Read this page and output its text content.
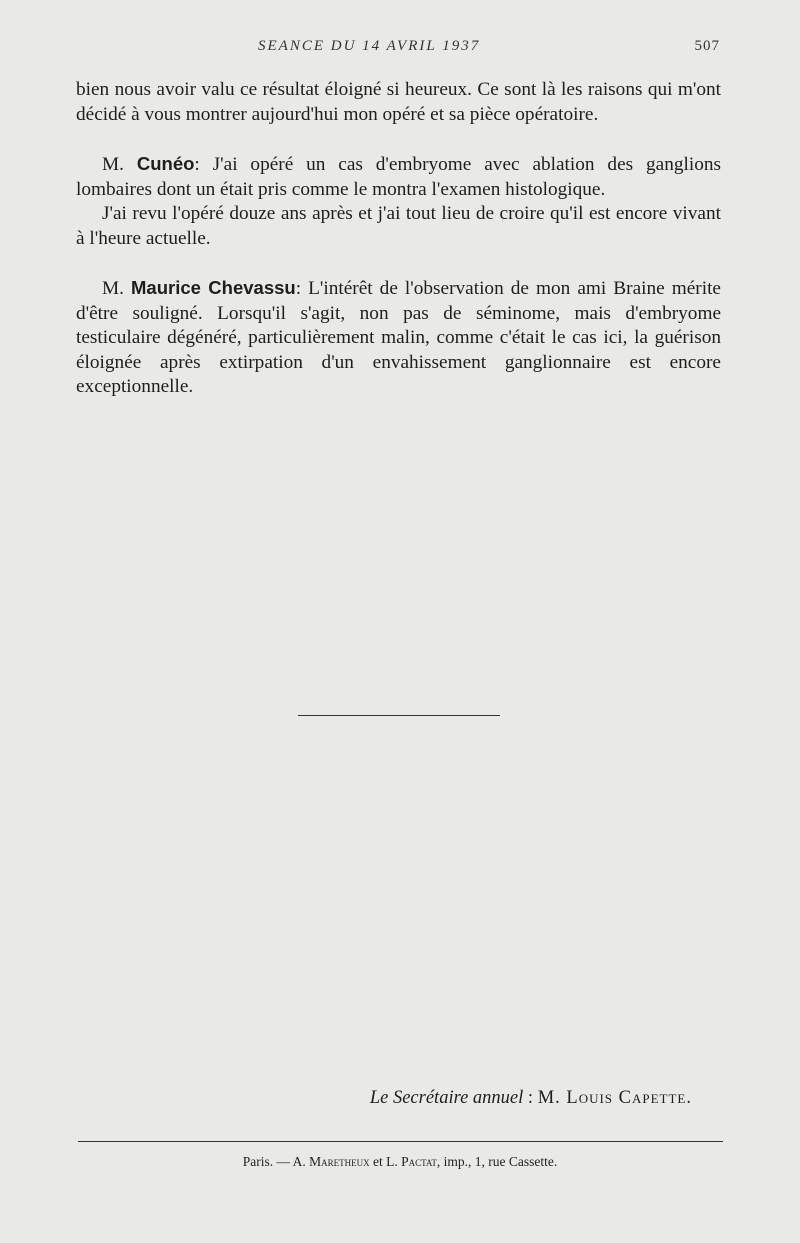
SEANCE DU 14 AVRIL 1937	507

bien nous avoir valu ce résultat éloigné si heureux. Ce sont là les raisons qui m'ont décidé à vous montrer aujourd'hui mon opéré et sa pièce opératoire.

M. Cunéo: J'ai opéré un cas d'embryome avec ablation des ganglions lombaires dont un était pris comme le montra l'examen histologique.

J'ai revu l'opéré douze ans après et j'ai tout lieu de croire qu'il est encore vivant à l'heure actuelle.

M. Maurice Chevassu: L'intérêt de l'observation de mon ami Braine mérite d'être souligné. Lorsqu'il s'agit, non pas de séminome, mais d'embryome testiculaire dégénéré, particulièrement malin, comme c'était le cas ici, la guérison éloignée après extirpation d'un envahissement ganglionnaire est encore exceptionnelle.

Le Secrétaire annuel : M. Louis Capette.
Paris. — A. Maretheux et L. Pactat, imp., 1, rue Cassette.
